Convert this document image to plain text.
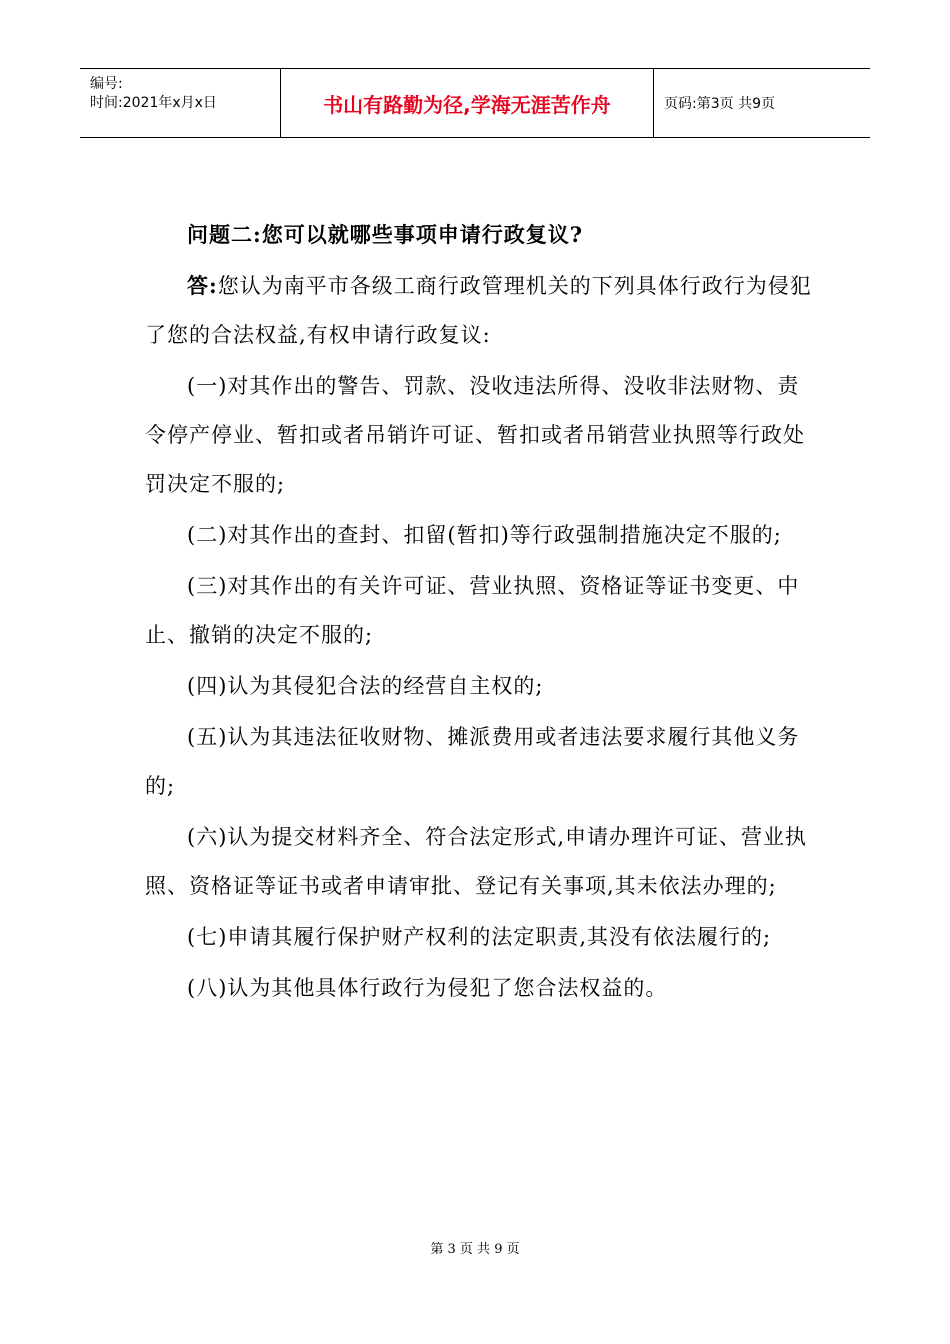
编号:
时间:2021年x月x日	书山有路勤为径,学海无涯苦作舟	页码:第3页 共9页

问题二:您可以就哪些事项申请行政复议?

答:您认为南平市各级工商行政管理机关的下列具体行政行为侵犯了您的合法权益,有权申请行政复议:

(一)对其作出的警告、罚款、没收违法所得、没收非法财物、责令停产停业、暂扣或者吊销许可证、暂扣或者吊销营业执照等行政处罚决定不服的;

(二)对其作出的查封、扣留(暂扣)等行政强制措施决定不服的;

(三)对其作出的有关许可证、营业执照、资格证等证书变更、中止、撤销的决定不服的;

(四)认为其侵犯合法的经营自主权的;

(五)认为其违法征收财物、摊派费用或者违法要求履行其他义务的;

(六)认为提交材料齐全、符合法定形式,申请办理许可证、营业执照、资格证等证书或者申请审批、登记有关事项,其未依法办理的;

(七)申请其履行保护财产权利的法定职责,其没有依法履行的;

(八)认为其他具体行政行为侵犯了您合法权益的。

第 3 页 共 9 页
